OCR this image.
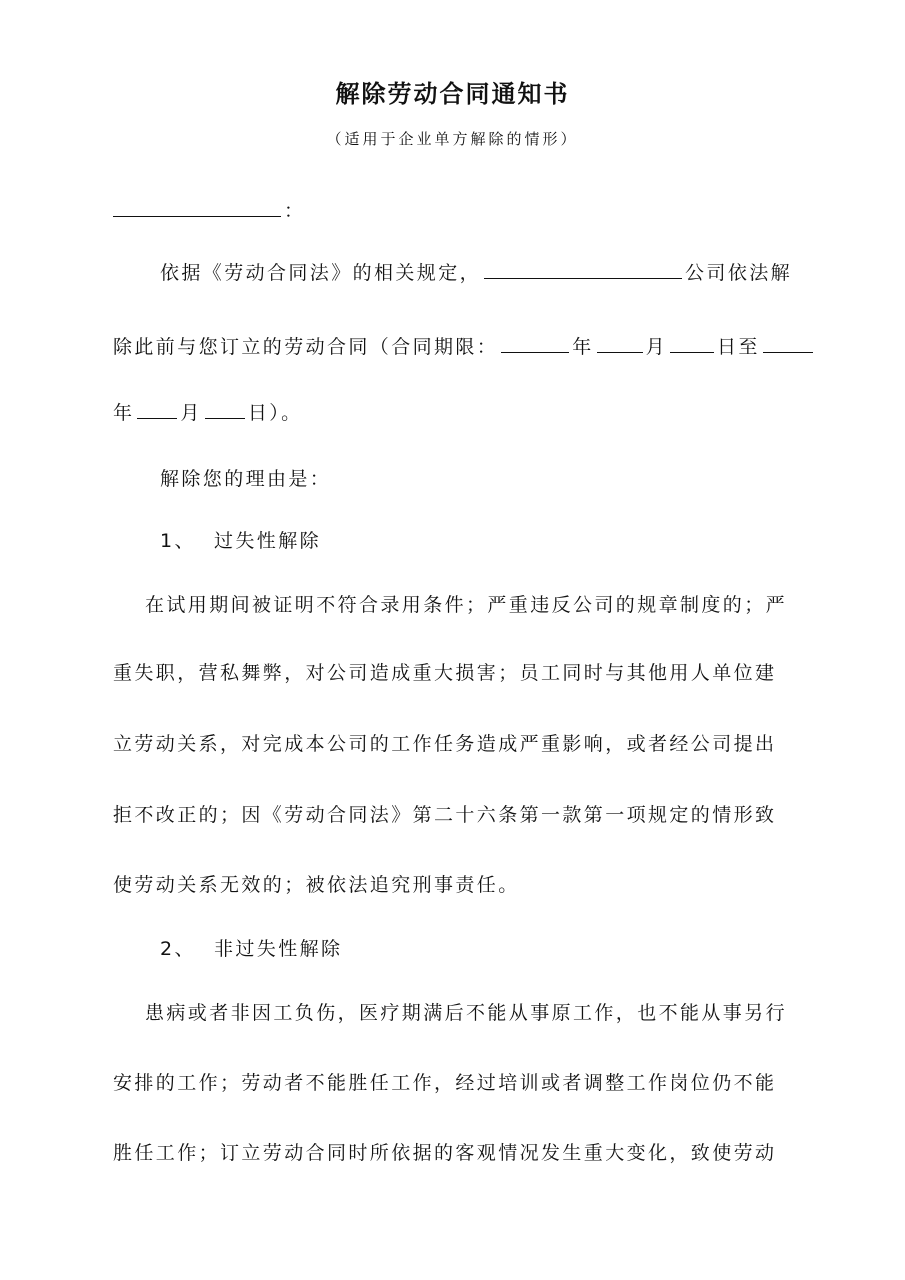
解除劳动合同通知书
（适用于企业单方解除的情形）
：
依据《劳动合同法》的相关规定，	公司依法解
除此前与您订立的劳动合同（合同期限：	年	月	日至
年 月 日）。
解除您的理由是：
1、 过失性解除
在试用期间被证明不符合录用条件；严重违反公司的规章制度的；严
重失职，营私舞弊，对公司造成重大损害；员工同时与其他用人单位建
立劳动关系，对完成本公司的工作任务造成严重影响，或者经公司提出
拒不改正的；因《劳动合同法》第二十六条第一款第一项规定的情形致
使劳动关系无效的；被依法追究刑事责任。
2、 非过失性解除
患病或者非因工负伤，医疗期满后不能从事原工作，也不能从事另行
安排的工作；劳动者不能胜任工作，经过培训或者调整工作岗位仍不能
胜任工作；订立劳动合同时所依据的客观情况发生重大变化，致使劳动
